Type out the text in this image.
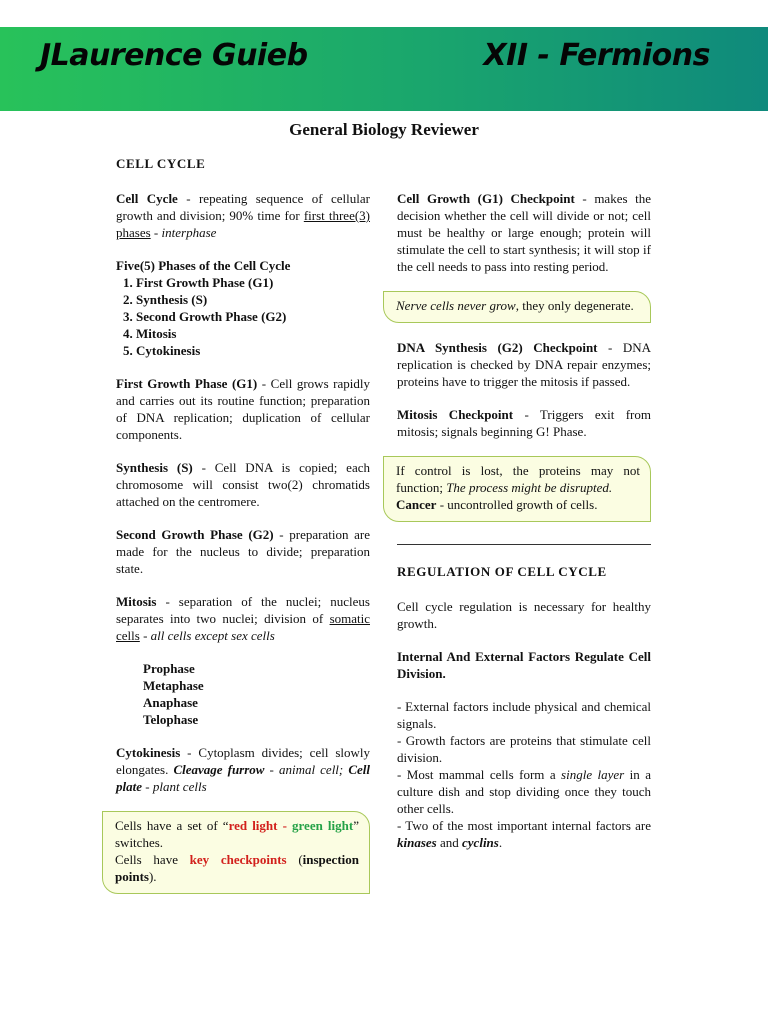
JLaurence Guieb	XII - Fermions
General Biology Reviewer

CELL CYCLE

Cell Cycle - repeating sequence of cellular growth and division; 90% time for first three(3) phases - interphase

Five(5) Phases of the Cell Cycle

1. First Growth Phase (G1)
2. Synthesis (S)
3. Second Growth Phase (G2)
4. Mitosis
5. Cytokinesis

First Growth Phase (G1) - Cell grows rapidly and carries out its routine function; preparation of DNA replication; duplication of cellular components.

Synthesis (S) - Cell DNA is copied; each chromosome will consist two(2) chromatids attached on the centromere.

Second Growth Phase (G2) - preparation are made for the nucleus to divide; preparation state.

Mitosis - separation of the nuclei; nucleus separates into two nuclei; division of somatic cells - all cells except sex cells

Prophase
Metaphase
Anaphase
Telophase

Cytokinesis - Cytoplasm divides; cell slowly elongates. Cleavage furrow - animal cell; Cell plate - plant cells

Cells have a set of “red light - green light” switches.

Cells have key checkpoints (inspection points).

Cell Growth (G1) Checkpoint - makes the decision whether the cell will divide or not; cell must be healthy or large enough; protein will stimulate the cell to start synthesis; it will stop if the cell needs to pass into resting period.

Nerve cells never grow, they only degenerate.

DNA Synthesis (G2) Checkpoint - DNA replication is checked by DNA repair enzymes; proteins have to trigger the mitosis if passed.

Mitosis Checkpoint - Triggers exit from mitosis; signals beginning G! Phase.

If control is lost, the proteins may not function; The process might be disrupted.

Cancer - uncontrolled growth of cells.

REGULATION OF CELL CYCLE

Cell cycle regulation is necessary for healthy growth.

Internal And External Factors Regulate Cell Division.

- External factors include physical and chemical signals.

- Growth factors are proteins that stimulate cell division.

- Most mammal cells form a single layer in a culture dish and stop dividing once they touch other cells.

- Two of the most important internal factors are kinases and cyclins.
